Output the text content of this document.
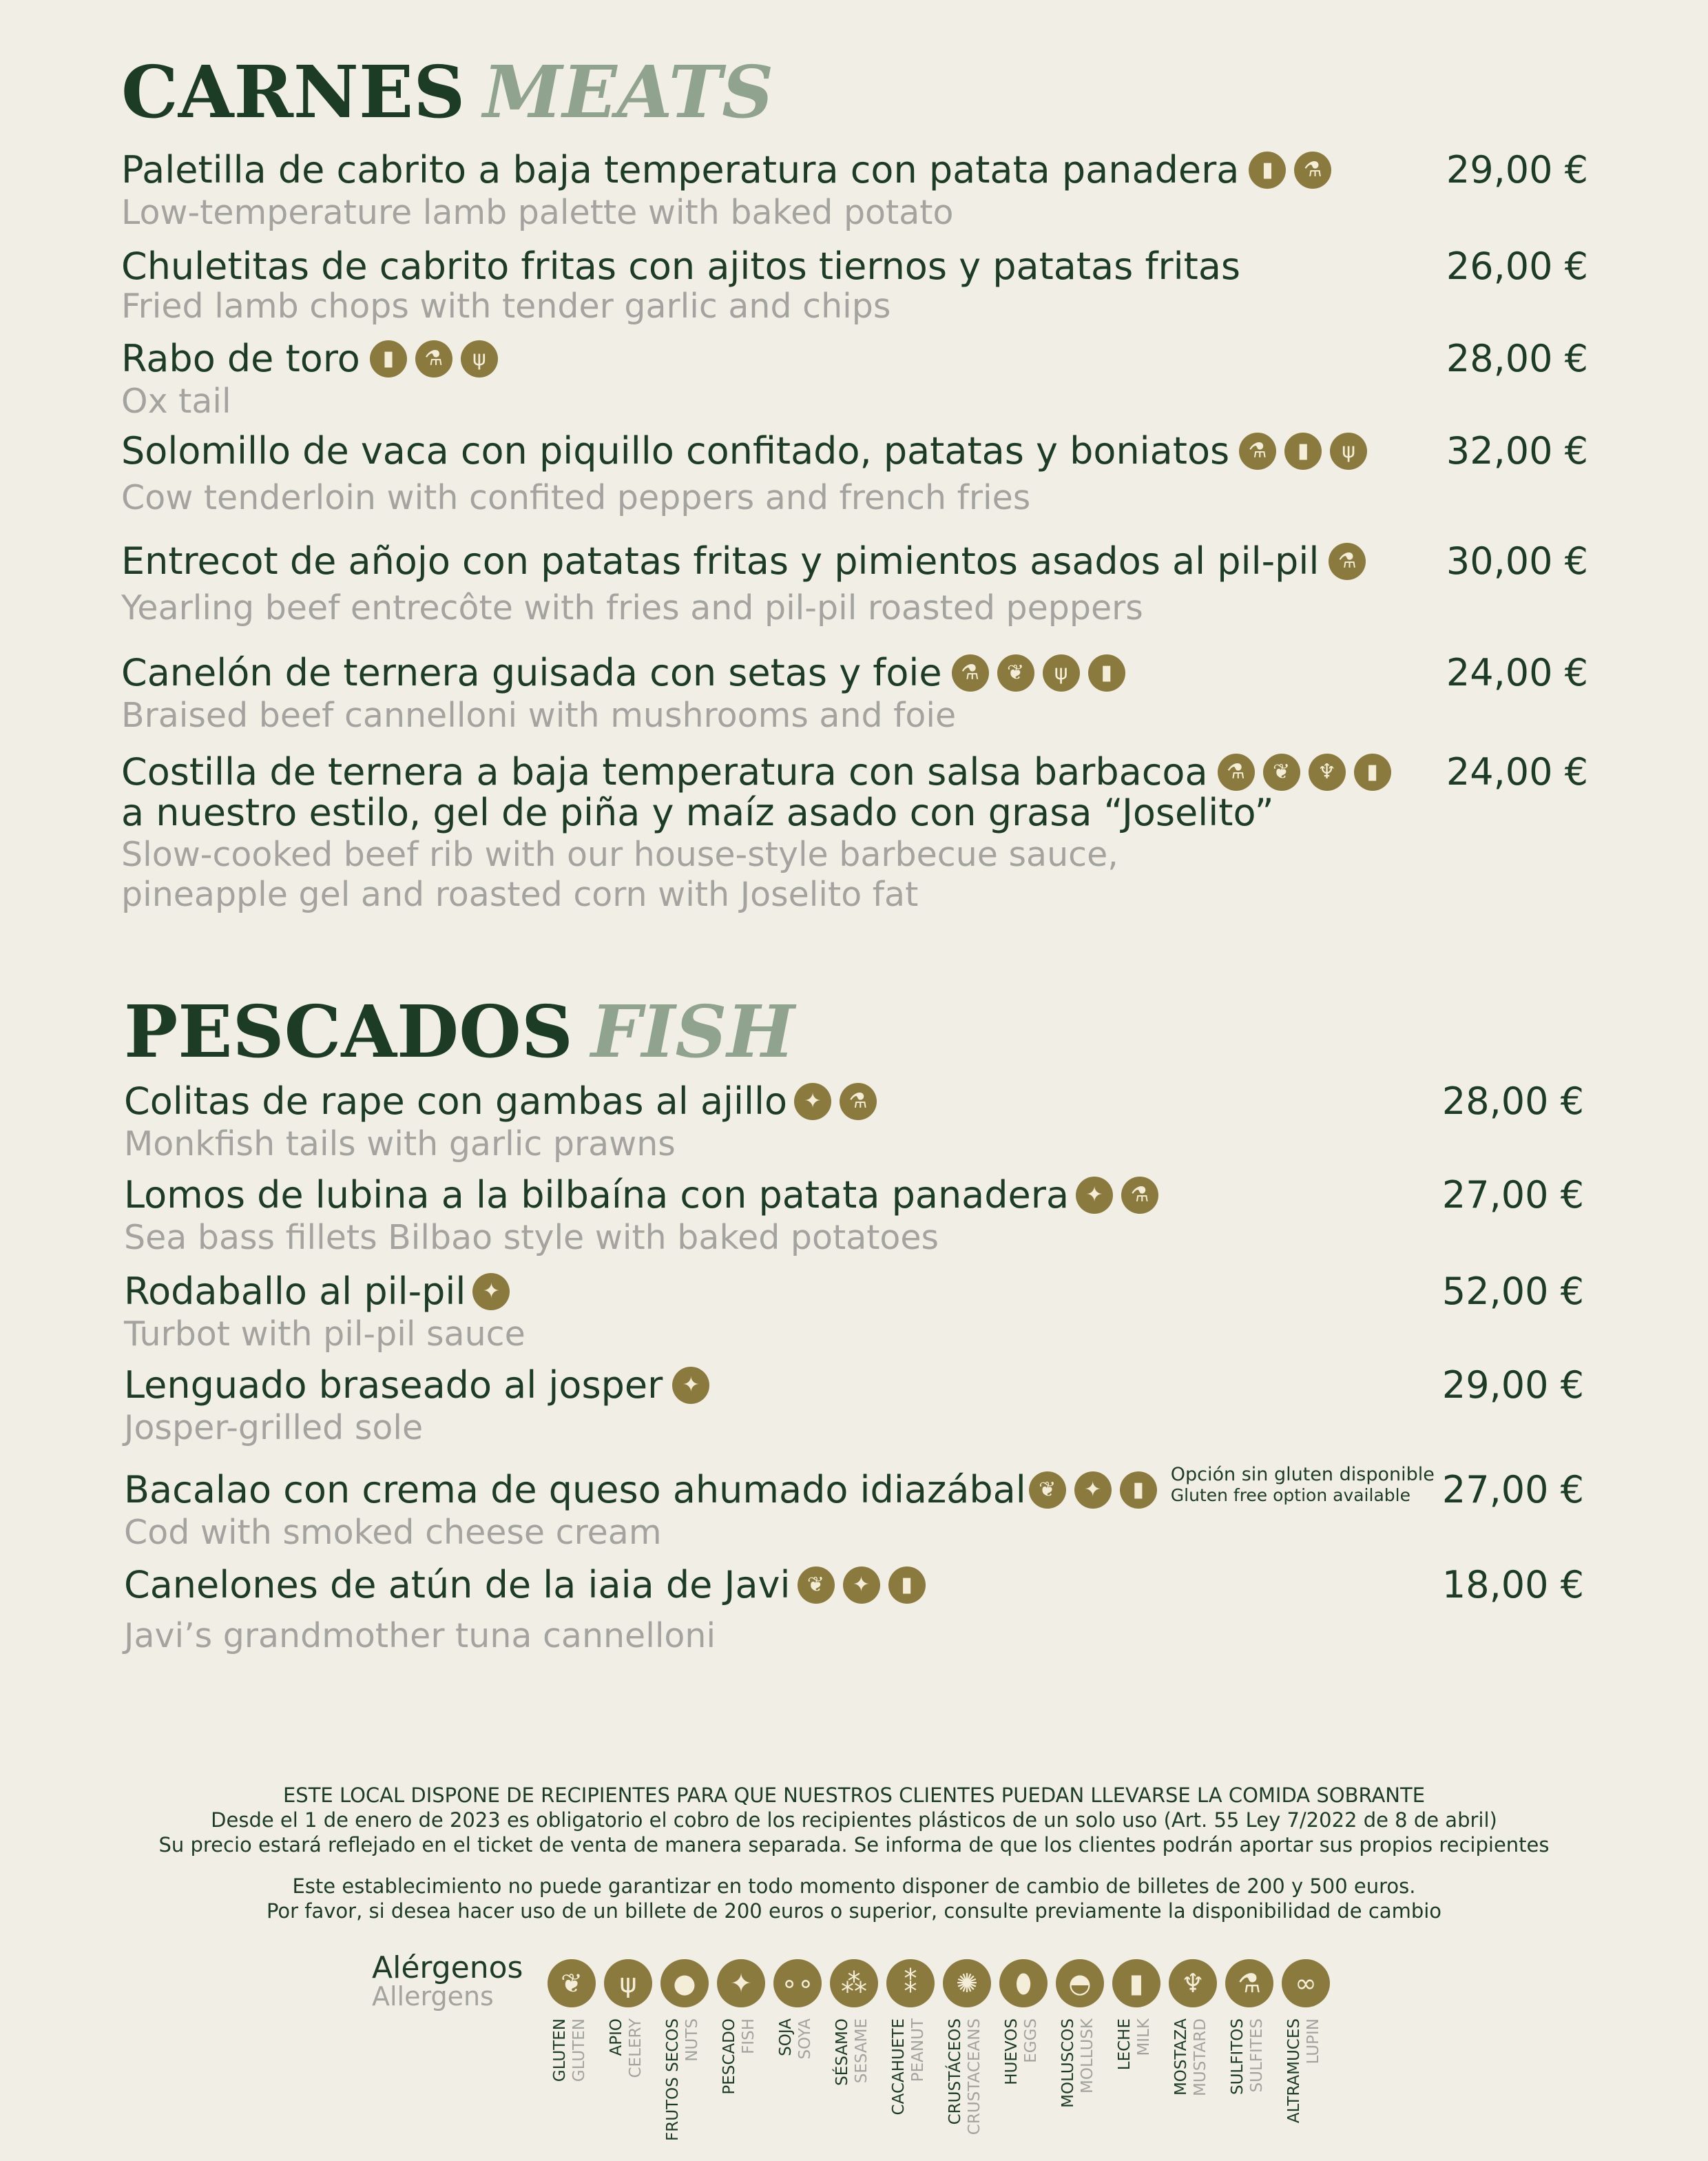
CARNES MEATS
Paletilla de cabrito a baja temperatura con patata panadera ▮ ⚗
Low-temperature lamb palette with baked potato
29,00 €
Chuletitas de cabrito fritas con ajitos tiernos y patatas fritas
Fried lamb chops with tender garlic and chips
26,00 €
Rabo de toro ▮ ⚗ ψ
Ox tail
28,00 €
Solomillo de vaca con piquillo confitado, patatas y boniatos ⚗ ▮ ψ
Cow tenderloin with confited peppers and french fries
32,00 €
Entrecot de añojo con patatas fritas y pimientos asados al pil-pil ⚗
Yearling beef entrecôte with fries and pil-pil roasted peppers
30,00 €
Canelón de ternera guisada con setas y foie ⚗ ❦ ψ ▮
Braised beef cannelloni with mushrooms and foie
24,00 €
Costilla de ternera a baja temperatura con salsa barbacoa ⚗ ❦ ♆ ▮
a nuestro estilo, gel de piña y maíz asado con grasa “Joselito”
Slow-cooked beef rib with our house-style barbecue sauce,
pineapple gel and roasted corn with Joselito fat
24,00 €
PESCADOS FISH
Colitas de rape con gambas al ajillo ✦ ⚗
Monkfish tails with garlic prawns
28,00 €
Lomos de lubina a la bilbaína con patata panadera ✦ ⚗
Sea bass fillets Bilbao style with baked potatoes
27,00 €
Rodaballo al pil-pil ✦
Turbot with pil-pil sauce
52,00 €
Lenguado braseado al josper ✦
Josper-grilled sole
29,00 €
Bacalao con crema de queso ahumado idiazábal ❦ ✦ ▮
Opción sin gluten disponible
Gluten free option available
Cod with smoked cheese cream
27,00 €
Canelones de atún de la iaia de Javi ❦ ✦ ▮
Javi’s grandmother tuna cannelloni
18,00 €

ESTE LOCAL DISPONE DE RECIPIENTES PARA QUE NUESTROS CLIENTES PUEDAN LLEVARSE LA COMIDA SOBRANTE

Desde el 1 de enero de 2023 es obligatorio el cobro de los recipientes plásticos de un solo uso (Art. 55 Ley 7/2022 de 8 de abril)

Su precio estará reflejado en el ticket de venta de manera separada. Se informa de que los clientes podrán aportar sus propios recipientes

Este establecimiento no puede garantizar en todo momento disponer de cambio de billetes de 200 y 500 euros.

Por favor, si desea hacer uso de un billete de 200 euros o superior, consulte previamente la disponibilidad de cambio

Alérgenos
Allergens	❦
GLUTEN GLUTEN
ψ
APIO CELERY
●
FRUTOS SECOS NUTS
✦
PESCADO FISH
∘∘
SOJA SOYA
⁂
SÉSAMO SESAME
⁑
CACAHUETE PEANUT
✺
CRUSTÁCEOS CRUSTACEANS
⬮
HUEVOS EGGS
◓
MOLUSCOS MOLLUSK
▮
LECHE MILK
♆
MOSTAZA MUSTARD
⚗
SULFITOS SULFITES
∞
ALTRAMUCES LUPIN
